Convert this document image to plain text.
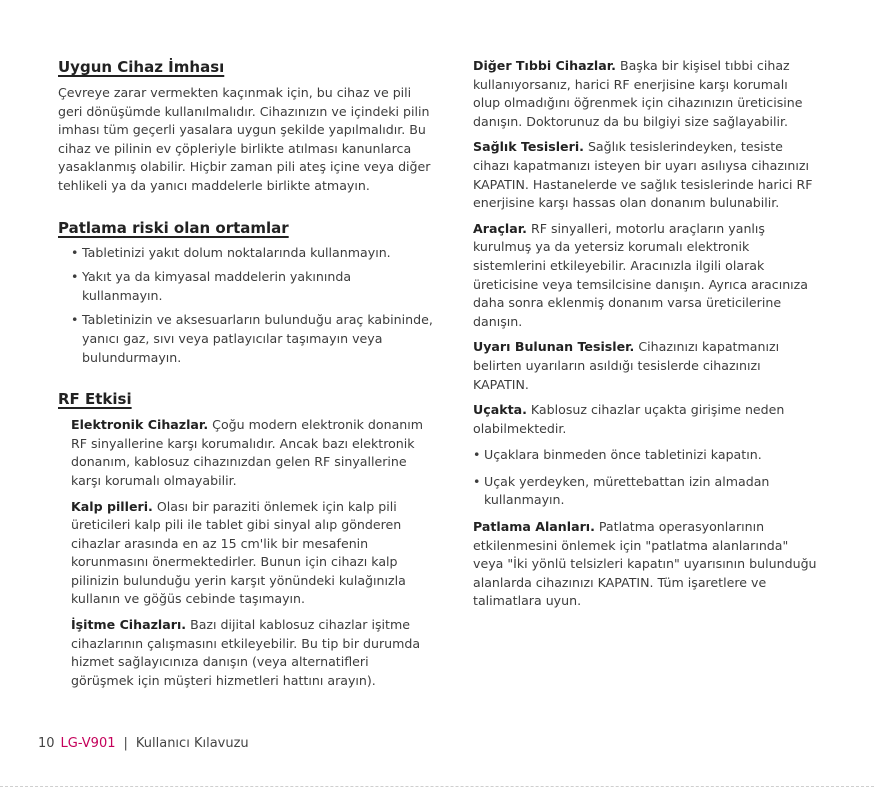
Uygun Cihaz İmhası

Çevreye zarar vermekten kaçınmak için, bu cihaz ve pili geri dönüşümde kullanılmalıdır. Cihazınızın ve içindeki pilin imhası tüm geçerli yasalara uygun şekilde yapılmalıdır. Bu cihaz ve pilinin ev çöpleriyle birlikte atılması kanunlarca yasaklanmış olabilir. Hiçbir zaman pili ateş içine veya diğer tehlikeli ya da yanıcı maddelerle birlikte atmayın.

Patlama riski olan ortamlar
• Tabletinizi yakıt dolum noktalarında kullanmayın.
• Yakıt ya da kimyasal maddelerin yakınında kullanmayın.
• Tabletinizin ve aksesuarların bulunduğu araç kabininde, yanıcı gaz, sıvı veya patlayıcılar taşımayın veya bulundurmayın.
RF Etkisi

Elektronik Cihazlar. Çoğu modern elektronik donanım RF sinyallerine karşı korumalıdır. Ancak bazı elektronik donanım, kablosuz cihazınızdan gelen RF sinyallerine karşı korumalı olmayabilir.

Kalp pilleri. Olası bir paraziti önlemek için kalp pili üreticileri kalp pili ile tablet gibi sinyal alıp gönderen cihazlar arasında en az 15 cm'lik bir mesafenin korunmasını önermektedirler. Bunun için cihazı kalp pilinizin bulunduğu yerin karşıt yönündeki kulağınızla kullanın ve göğüs cebinde taşımayın.

İşitme Cihazları. Bazı dijital kablosuz cihazlar işitme cihazlarının çalışmasını etkileyebilir. Bu tip bir durumda hizmet sağlayıcınıza danışın (veya alternatifleri görüşmek için müşteri hizmetleri hattını arayın).

Diğer Tıbbi Cihazlar. Başka bir kişisel tıbbi cihaz kullanıyorsanız, harici RF enerjisine karşı korumalı olup olmadığını öğrenmek için cihazınızın üreticisine danışın. Doktorunuz da bu bilgiyi size sağlayabilir.

Sağlık Tesisleri. Sağlık tesislerindeyken, tesiste cihazı kapatmanızı isteyen bir uyarı asılıysa cihazınızı KAPATIN. Hastanelerde ve sağlık tesislerinde harici RF enerjisine karşı hassas olan donanım bulunabilir.

Araçlar. RF sinyalleri, motorlu araçların yanlış kurulmuş ya da yetersiz korumalı elektronik sistemlerini etkileyebilir. Aracınızla ilgili olarak üreticisine veya temsilcisine danışın. Ayrıca aracınıza daha sonra eklenmiş donanım varsa üreticilerine danışın.

Uyarı Bulunan Tesisler. Cihazınızı kapatmanızı belirten uyarıların asıldığı tesislerde cihazınızı KAPATIN.

Uçakta. Kablosuz cihazlar uçakta girişime neden olabilmektedir.

• Uçaklara binmeden önce tabletinizi kapatın.
• Uçak yerdeyken, mürettebattan izin almadan kullanmayın.

Patlama Alanları. Patlatma operasyonlarının etkilenmesini önlemek için "patlatma alanlarında" veya "İki yönlü telsizleri kapatın" uyarısının bulunduğu alanlarda cihazınızı KAPATIN. Tüm işaretlere ve talimatlara uyun.

10 LG-V901 | Kullanıcı Kılavuzu
